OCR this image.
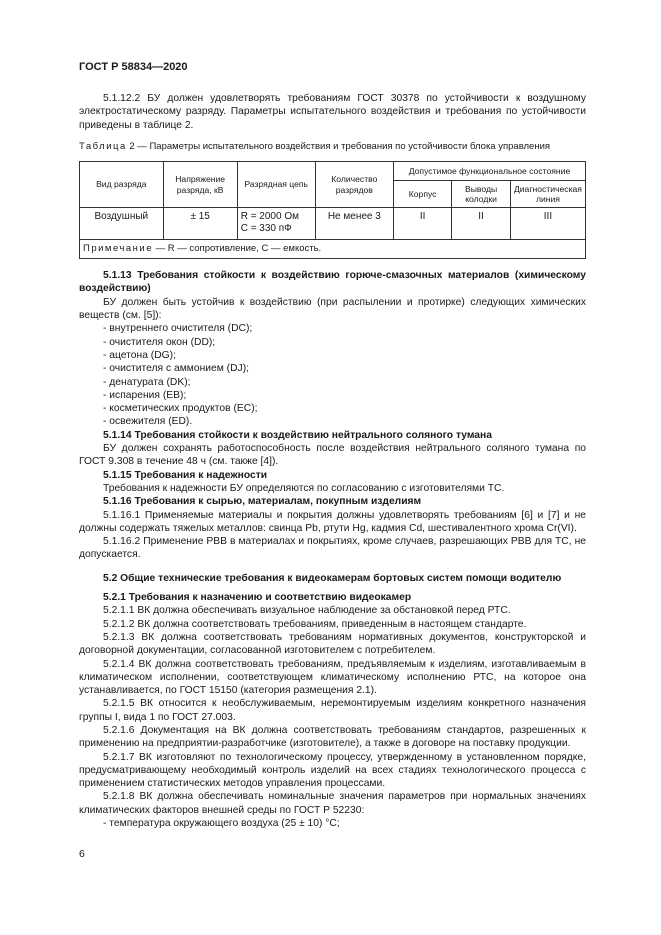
ГОСТ Р 58834—2020

5.1.12.2 БУ должен удовлетворять требованиям ГОСТ 30378 по устойчивости к воздушному электростатическому разряду. Параметры испытательного воздействия и требования по устойчивости приведены в таблице 2.

Таблица 2 — Параметры испытательного воздействия и требования по устойчивости блока управления
Вид разряда	Напряжение разряда, кВ	Разрядная цепь	Количество разрядов	Допустимое функциональное состояние		
				Корпус	Выводы колодки	Диагностическая линия
Воздушный	± 15	R = 2000 Ом
C = 330 пФ	Не менее 3	II	II	III
Примечание — R — сопротивление, C — емкость.						

5.1.13 Требования стойкости к воздействию горюче-смазочных материалов (химическому воздействию)

БУ должен быть устойчив к воздействию (при распылении и протирке) следующих химических веществ (см. [5]):

- внутреннего очистителя (DC);

- очистителя окон (DD);

- ацетона (DG);

- очистителя с аммонием (DJ);

- денатурата (DK);

- испарения (EB);

- косметических продуктов (EC);

- освежителя (ED).

5.1.14 Требования стойкости к воздействию нейтрального соляного тумана

БУ должен сохранять работоспособность после воздействия нейтрального соляного тумана по ГОСТ 9.308 в течение 48 ч (см. также [4]).

5.1.15 Требования к надежности

Требования к надежности БУ определяются по согласованию с изготовителями ТС.

5.1.16 Требования к сырью, материалам, покупным изделиям

5.1.16.1 Применяемые материалы и покрытия должны удовлетворять требованиям [6] и [7] и не должны содержать тяжелых металлов: свинца Pb, ртути Hg, кадмия Cd, шестивалентного хрома Cr(VI).

5.1.16.2 Применение РВВ в материалах и покрытиях, кроме случаев, разрешающих РВВ для ТС, не допускается.

5.2 Общие технические требования к видеокамерам бортовых систем помощи водителю

5.2.1 Требования к назначению и соответствию видеокамер

5.2.1.1 ВК должна обеспечивать визуальное наблюдение за обстановкой перед РТС.

5.2.1.2 ВК должна соответствовать требованиям, приведенным в настоящем стандарте.

5.2.1.3 ВК должна соответствовать требованиям нормативных документов, конструкторской и договорной документации, согласованной изготовителем с потребителем.

5.2.1.4 ВК должна соответствовать требованиям, предъявляемым к изделиям, изготавливаемым в климатическом исполнении, соответствующем климатическому исполнению РТС, на которое она устанавливается, по ГОСТ 15150 (категория размещения 2.1).

5.2.1.5 ВК относится к необслуживаемым, неремонтируемым изделиям конкретного назначения группы I, вида 1 по ГОСТ 27.003.

5.2.1.6 Документация на ВК должна соответствовать требованиям стандартов, разрешенных к применению на предприятии-разработчике (изготовителе), а также в договоре на поставку продукции.

5.2.1.7 ВК изготовляют по технологическому процессу, утвержденному в установленном порядке, предусматривающему необходимый контроль изделий на всех стадиях технологического процесса с применением статистических методов управления процессами.

5.2.1.8 ВК должна обеспечивать номинальные значения параметров при нормальных значениях климатических факторов внешней среды по ГОСТ Р 52230:

- температура окружающего воздуха (25 ± 10) °С;

6
